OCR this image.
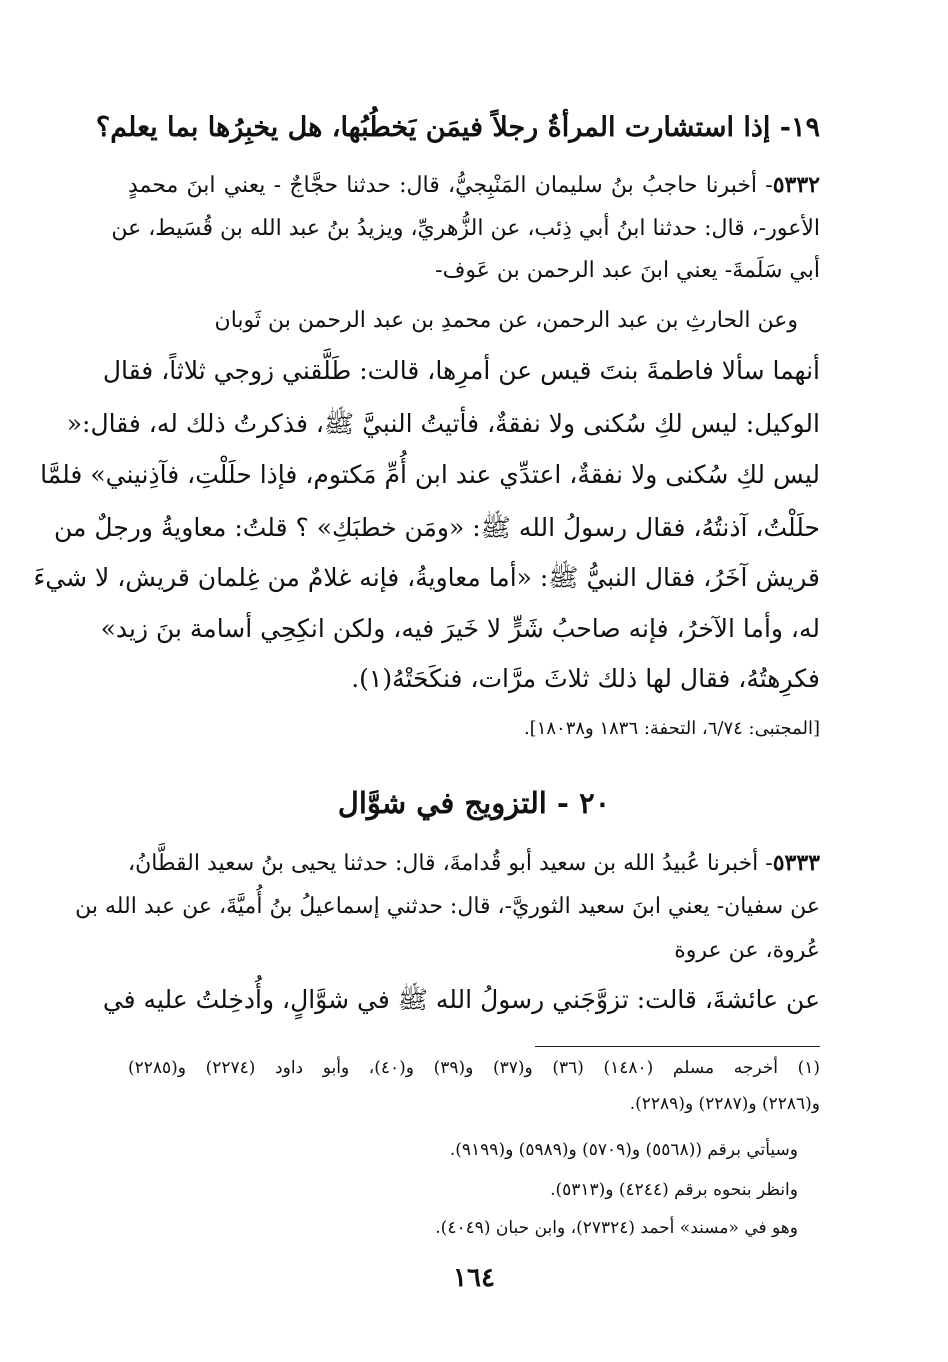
١٩- إذا استشارت المرأةُ رجلاً فيمَن يَخطُبُها، هل يخبِرُها بما يعلم؟
٥٣٣٢- أخبرنا حاجبُ بنُ سليمان المَنْبِجيُّ، قال: حدثنا حجَّاجٌ - يعني ابنَ محمدٍ
الأعور-، قال: حدثنا ابنُ أبي ذِئب، عن الزُّهريِّ، ويزيدُ بنُ عبد الله بن قُسَيط، عن
أبي سَلَمةَ- يعني ابنَ عبد الرحمن بن عَوف-
وعن الحارثِ بن عبد الرحمن، عن محمدِ بن عبد الرحمن بن ثَوبان
أنهما سألا فاطمةَ بنتَ قيس عن أمرِها، قالت: طَلَّقني زوجي ثلاثاً، فقال
الوكيل: ليس لكِ سُكنى ولا نفقةٌ، فأتيتُ النبيَّ ﷺ، فذكرتُ ذلك له، فقال:«
ليس لكِ سُكنى ولا نفقةٌ، اعتدِّي عند ابن أُمِّ مَكتوم، فإذا حلَلْتِ، فآذِنيني» فلمَّا
حلَلْتُ، آذنتُهُ، فقال رسولُ الله ﷺ: «ومَن خطبَكِ» ؟ قلتُ: معاويةُ ورجلٌ من
قريش آخَرُ، فقال النبيُّ ﷺ: «أما معاويةُ، فإنه غلامٌ من غِلمان قريش، لا شيءَ
له، وأما الآخرُ، فإنه صاحبُ شَرٍّ لا خَيرَ فيه، ولكن انكِحِي أسامة بنَ زيد»
فكرِهتُهُ، فقال لها ذلك ثلاثَ مرَّات، فنكَحَتْهُ(١).
[المجتبى: ٦/٧٤، التحفة: ١٨٣٦ و١٨٠٣٨].
٢٠ - التزويج في شوَّال
٥٣٣٣- أخبرنا عُبيدُ الله بن سعيد أبو قُدامةَ، قال: حدثنا يحيى بنُ سعيد القطَّانُ،
عن سفيان- يعني ابنَ سعيد الثوريَّ-، قال: حدثني إسماعيلُ بنُ أُميَّةَ، عن عبد الله بن
عُروة، عن عروة
عن عائشةَ، قالت: تزوَّجَني رسولُ الله ﷺ في شوَّالٍ، وأُدخِلتُ عليه في
(١) أخرجه مسلم (١٤٨٠) (٣٦) و(٣٧) و(٣٩) و(٤٠)، وأبو داود (٢٢٧٤) و(٢٢٨٥)
و(٢٢٨٦) و(٢٢٨٧) و(٢٢٨٩).
وسيأتي برقم ((٥٥٦٨) و(٥٧٠٩) و(٥٩٨٩) و(٩١٩٩).
وانظر بنحوه برقم (٤٢٤٤) و(٥٣١٣).
وهو في «مسند» أحمد (٢٧٣٢٤)، وابن حبان (٤٠٤٩).
١٦٤
